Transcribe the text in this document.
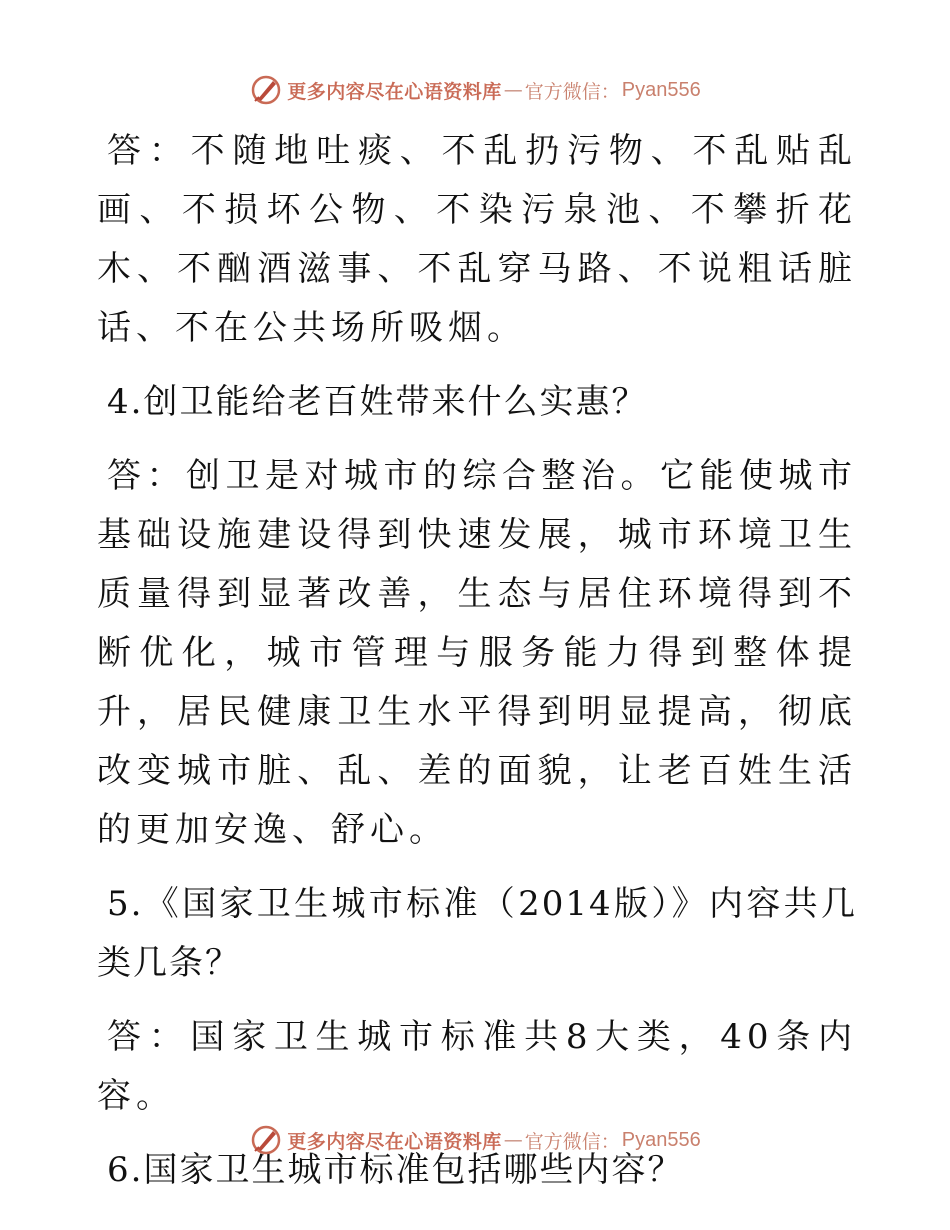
更多内容尽在心语资料库 — 官方微信： Pyan556

答：不随地吐痰、不乱扔污物、不乱贴乱画、不损坏公物、不染污泉池、不攀折花木、不酗酒滋事、不乱穿马路、不说粗话脏话、不在公共场所吸烟。

4.创卫能给老百姓带来什么实惠？

答：创卫是对城市的综合整治。它能使城市基础设施建设得到快速发展，城市环境卫生质量得到显著改善，生态与居住环境得到不断优化，城市管理与服务能力得到整体提升，居民健康卫生水平得到明显提高，彻底改变城市脏、乱、差的面貌，让老百姓生活的更加安逸、舒心。

5.《国家卫生城市标准（2014版）》内容共几类几条？

答：国家卫生城市标准共8大类，40条内容。

6.国家卫生城市标准包括哪些内容？

更多内容尽在心语资料库 — 官方微信： Pyan556
